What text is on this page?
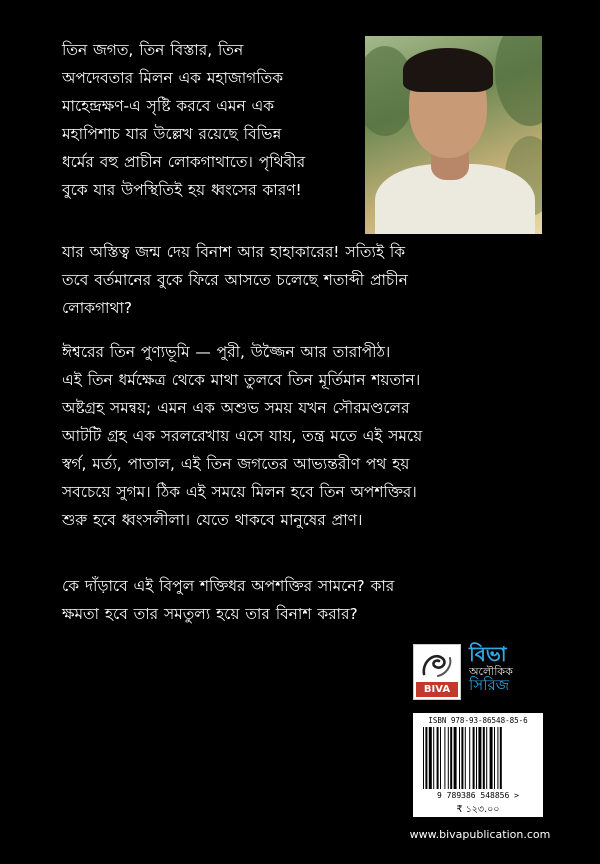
তিন জগত, তিন বিস্তার, তিন
অপদেবতার মিলন এক মহাজাগতিক
মাহেন্দ্রক্ষণ-এ সৃষ্টি করবে এমন এক
মহাপিশাচ যার উল্লেখ রয়েছে বিভিন্ন
ধর্মের বহু প্রাচীন লোকগাথাতে। পৃথিবীর
বুকে যার উপস্থিতিই হয় ধ্বংসের কারণ!
যার অস্তিত্ব জন্ম দেয় বিনাশ আর হাহাকারের! সত্যিই কি
তবে বর্তমানের বুকে ফিরে আসতে চলেছে শতাব্দী প্রাচীন
লোকগাথা?
ঈশ্বরের তিন পুণ্যভূমি — পুরী, উজ্জৈন আর তারাপীঠ।
এই তিন ধর্মক্ষেত্র থেকে মাথা তুলবে তিন মূর্তিমান শয়তান।
অষ্টগ্রহ সমন্বয়; এমন এক অশুভ সময় যখন সৌরমণ্ডলের
আটটি গ্রহ এক সরলরেখায় এসে যায়, তন্ত্র মতে এই সময়ে
স্বর্গ, মর্ত্য, পাতাল, এই তিন জগতের আভ্যন্তরীণ পথ হয়
সবচেয়ে সুগম। ঠিক এই সময়ে মিলন হবে তিন অপশক্তির।
শুরু হবে ধ্বংসলীলা। যেতে থাকবে মানুষের প্রাণ।
কে দাঁড়াবে এই বিপুল শক্তিধর অপশক্তির সামনে? কার
ক্ষমতা হবে তার সমতুল্য হয়ে তার বিনাশ করার?
BIVA
বিভা
অলৌকিক
সিরিজ
ISBN 978-93-86548-85-6
9 789386 548856 >
₹ ১২৩.০০
www.bivapublication.com
